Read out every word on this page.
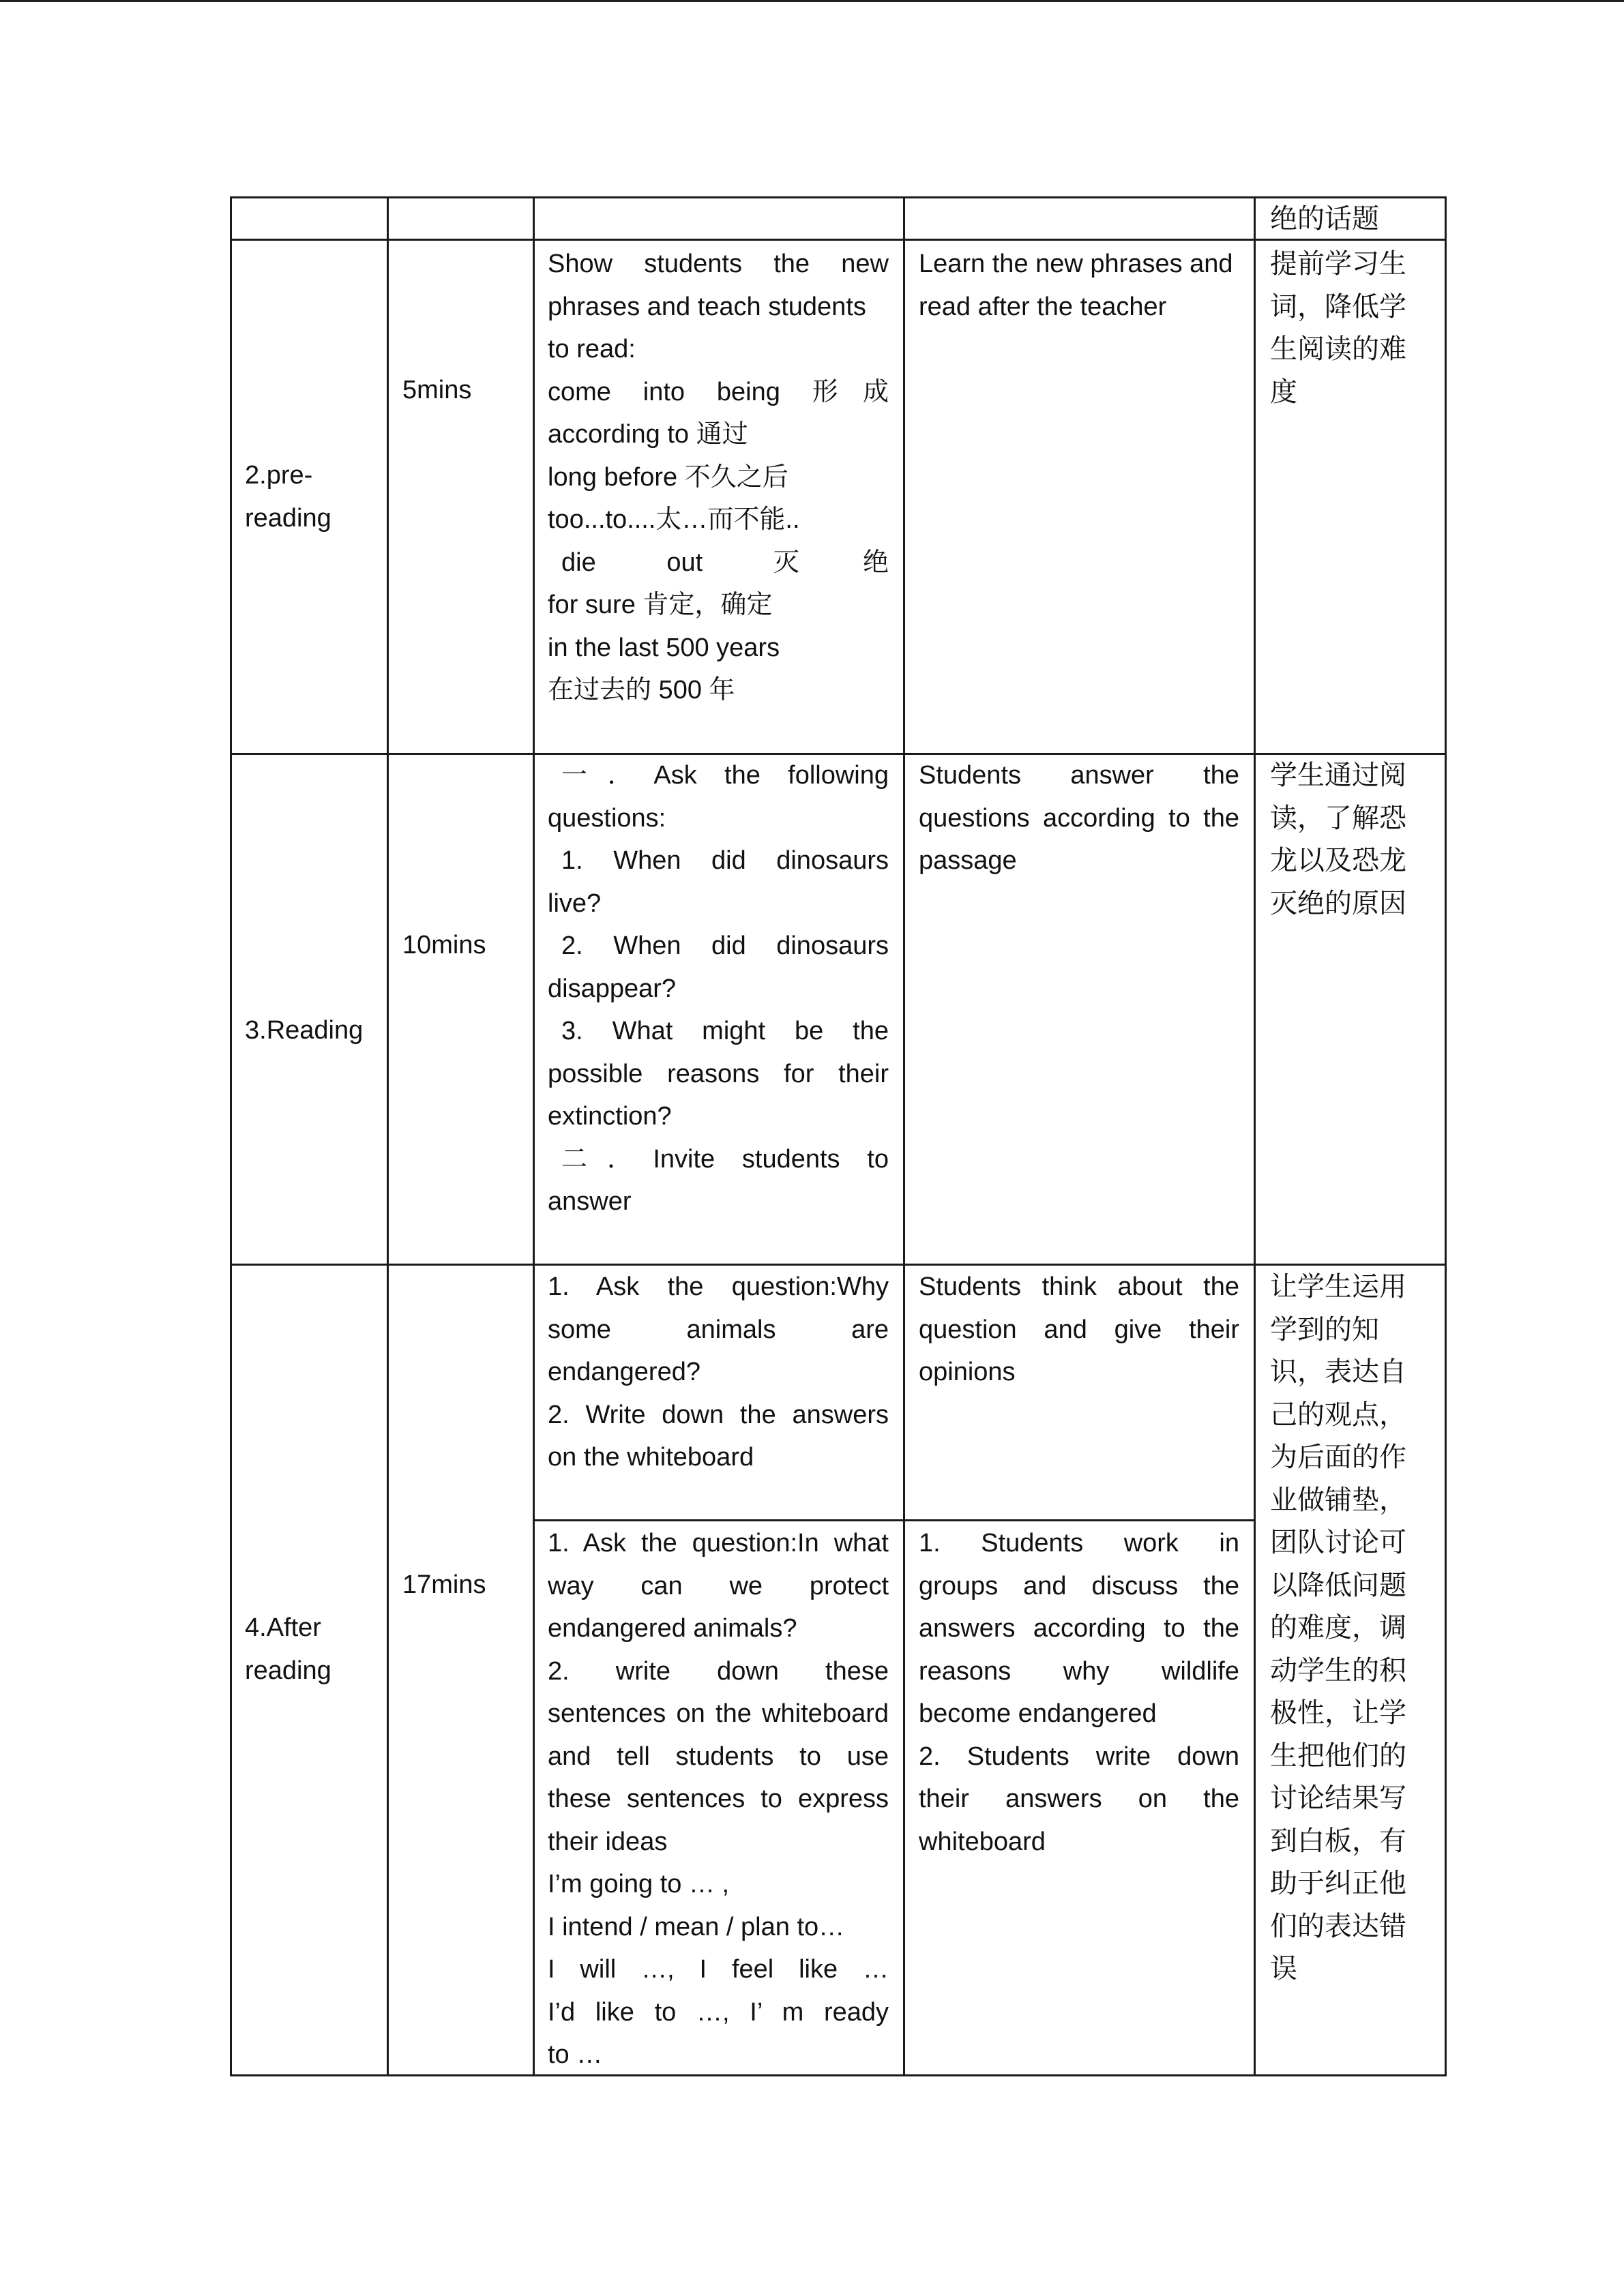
绝的话题
2.pre-
reading
5mins
Show students the new
phrases and teach students
to read:
come into being 形成
according to 通过
long before 不久之后
too...to....太…而不能..
die out 灭绝
for sure 肯定，确定
in the last 500 years
在过去的 500 年
Learn the new phrases and
read after the teacher
提前学习生
词，降低学
生阅读的难
度
3.Reading
10mins
一．Ask the following
questions:
1. When did dinosaurs
live?
2. When did dinosaurs
disappear?
3. What might be the
possible reasons for their
extinction?
二．Invite students to
answer
Students answer the
questions according to the
passage
学生通过阅
读，了解恐
龙以及恐龙
灭绝的原因
4.After
reading
17mins
1. Ask the question:Why
some animals are
endangered?
2. Write down the answers
on the whiteboard
Students think about the
question and give their
opinions
1. Ask the question:In what
way can we protect
endangered animals?
2. write down these
sentences on the whiteboard
and tell students to use
these sentences to express
their ideas
I’m going to … ,
I intend / mean / plan to…
I will …, I feel like …
I’d like to …, I’ m ready
to …
1. Students work in
groups and discuss the
answers according to the
reasons why wildlife
become endangered
2. Students write down
their answers on the
whiteboard
让学生运用
学到的知
识，表达自
己的观点，
为后面的作
业做铺垫，
团队讨论可
以降低问题
的难度，调
动学生的积
极性，让学
生把他们的
讨论结果写
到白板，有
助于纠正他
们的表达错
误
